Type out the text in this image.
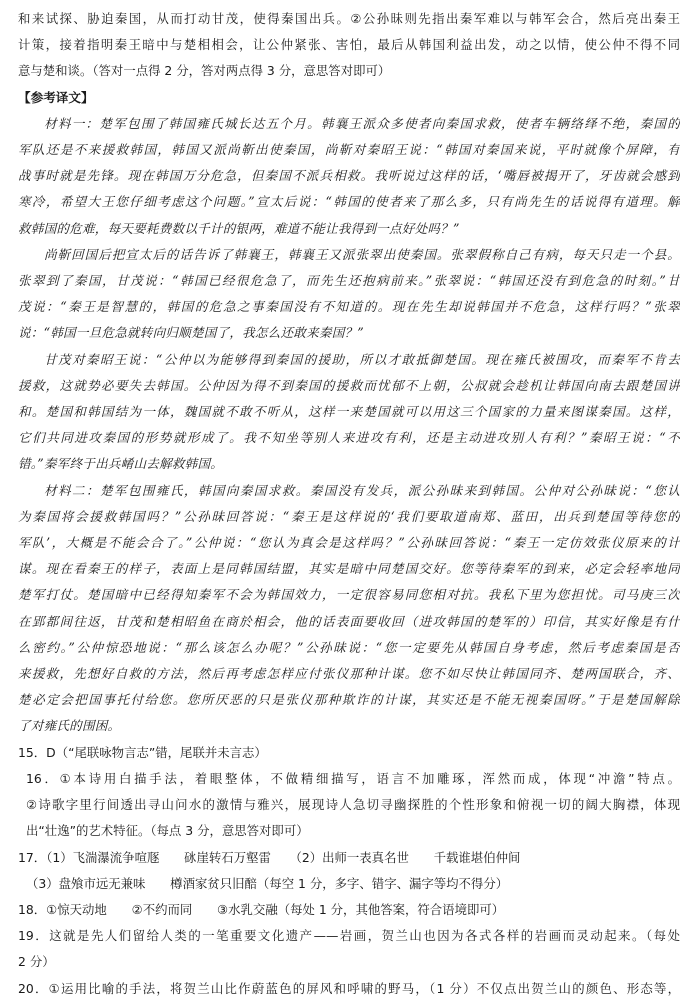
和来试探、胁迫秦国，从而打动甘茂，使得秦国出兵。②公孙昧则先指出秦军难以与韩军会合，然后亮出秦王
计策，接着指明秦王暗中与楚相相会，让公仲紧张、害怕，最后从韩国利益出发，动之以情，使公仲不得不同
意与楚和谈。（答对一点得 2 分，答对两点得 3 分，意思答对即可）
【参考译文】
材料一：楚军包围了韩国雍氏城长达五个月。韩襄王派众多使者向秦国求救，使者车辆络绎不绝，秦国的
军队还是不来援救韩国，韩国又派尚靳出使秦国，尚靳对秦昭王说：“韩国对秦国来说，平时就像个屏障，有
战事时就是先锋。现在韩国万分危急，但秦国不派兵相救。我听说过这样的话，‘嘴唇被揭开了，牙齿就会感到
寒冷，希望大王您仔细考虑这个问题。”宣太后说：“韩国的使者来了那么多，只有尚先生的话说得有道理。解
救韩国的危难，每天要耗费数以千计的银两，难道不能让我得到一点好处吗？”
尚靳回国后把宣太后的话告诉了韩襄王，韩襄王又派张翠出使秦国。张翠假称自己有病，每天只走一个县。
张翠到了秦国，甘茂说：“韩国已经很危急了，而先生还抱病前来。”张翠说：“韩国还没有到危急的时刻。”甘
茂说：“秦王是智慧的，韩国的危急之事秦国没有不知道的。现在先生却说韩国并不危急，这样行吗？”张翠
说：“韩国一旦危急就转向归顺楚国了，我怎么还敢来秦国？”
甘茂对秦昭王说：“公仲以为能够得到秦国的援助，所以才敢抵御楚国。现在雍氏被围攻，而秦军不肯去
援救，这就势必要失去韩国。公仲因为得不到秦国的援救而忧郁不上朝，公叔就会趁机让韩国向南去跟楚国讲
和。楚国和韩国结为一体，魏国就不敢不听从，这样一来楚国就可以用这三个国家的力量来图谋秦国。这样，
它们共同进攻秦国的形势就形成了。我不知坐等别人来进攻有利，还是主动进攻别人有利？”秦昭王说：“不
错。”秦军终于出兵崤山去解救韩国。
材料二：楚军包围雍氏，韩国向秦国求救。秦国没有发兵，派公孙昧来到韩国。公仲对公孙昧说：“您认
为秦国将会援救韩国吗？”公孙昧回答说：“秦王是这样说的‘我们要取道南郑、蓝田，出兵到楚国等待您的
军队’，大概是不能会合了。”公仲说：“您认为真会是这样吗？”公孙昧回答说：“秦王一定仿效张仪原来的计
谋。现在看秦王的样子，表面上是同韩国结盟，其实是暗中同楚国交好。您等待秦军的到来，必定会轻率地同
楚军打仗。楚国暗中已经得知秦军不会为韩国效力，一定很容易同您相对抗。我私下里为您担忧。司马庚三次
在郢都间往返，甘茂和楚相昭鱼在商於相会，他的话表面要收回（进攻韩国的楚军的）印信，其实好像是有什
么密约。”公仲惊恐地说：“那么该怎么办呢？”公孙昧说：“您一定要先从韩国自身考虑，然后考虑秦国是否
来援救，先想好自救的方法，然后再考虑怎样应付张仪那种计谋。您不如尽快让韩国同齐、楚两国联合，齐、
楚必定会把国事托付给您。您所厌恶的只是张仪那种欺诈的计谋，其实还是不能无视秦国呀。”于是楚国解除
了对雍氏的围困。
15．D（“尾联咏物言志”错，尾联并未言志）
16．①本诗用白描手法，着眼整体，不做精细描写，语言不加雕琢，浑然而成，体现“冲澹”特点。
②诗歌字里行间透出寻山问水的激情与雅兴，展现诗人急切寻幽探胜的个性形象和俯视一切的阔大胸襟，体现
出“壮逸”的艺术特征。（每点 3 分，意思答对即可）
17．（1）飞湍瀑流争喧豗　　砯崖转石万壑雷　　（2）出师一表真名世　　千载谁堪伯仲间
（3）盘飧市远无兼味　　樽酒家贫只旧醅（每空 1 分，多字、错字、漏字等均不得分）
18．①惊天动地　　②不约而同　　③水乳交融（每处 1 分，其他答案，符合语境即可）
19．这就是先人们留给人类的一笔重要文化遗产——岩画，贺兰山也因为各式各样的岩画而灵动起来。（每处
2 分）
20．①运用比喻的手法，将贺兰山比作蔚蓝色的屏风和呼啸的野马，（1 分）不仅点出贺兰山的颜色、形态等，
